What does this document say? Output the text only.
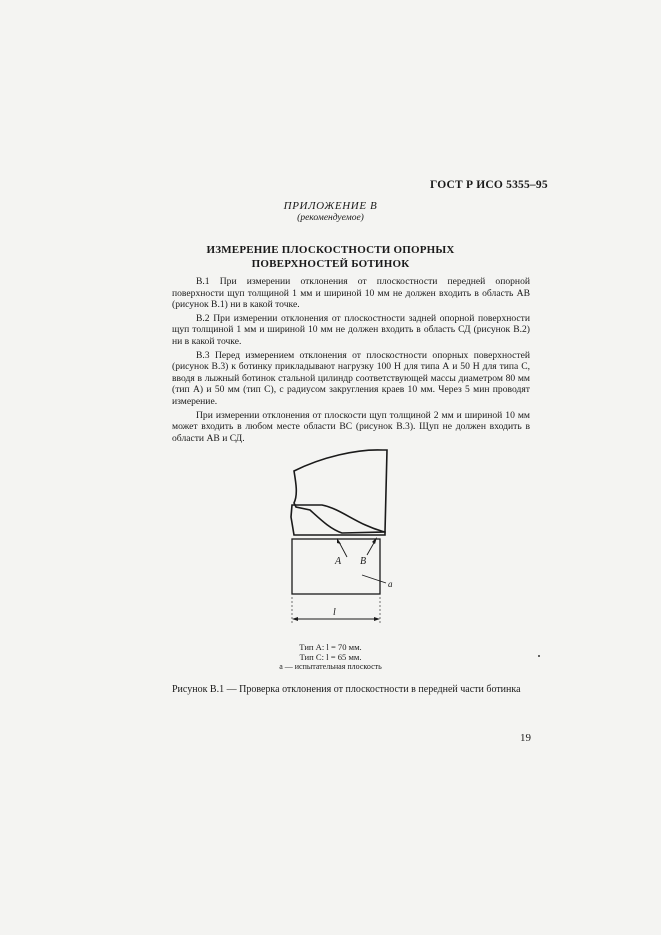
ГОСТ Р ИСО 5355–95
ПРИЛОЖЕНИЕ В
(рекомендуемое)
ИЗМЕРЕНИЕ ПЛОСКОСТНОСТИ ОПОРНЫХ
ПОВЕРХНОСТЕЙ БОТИНОК

В.1 При измерении отклонения от плоскостности передней опорной поверхности щуп толщиной 1 мм и шириной 10 мм не должен входить в область AB (рисунок В.1) ни в какой точке.

В.2 При измерении отклонения от плоскостности задней опорной поверхности щуп толщиной 1 мм и шириной 10 мм не должен входить в область СД (рисунок В.2) ни в какой точке.

В.3 Перед измерением отклонения от плоскостности опорных поверхностей (рисунок В.3) к ботинку прикладывают нагрузку 100 Н для типа А и 50 Н для типа С, вводя в лыжный ботинок стальной цилиндр соответствующей массы диаметром 80 мм (тип А) и 50 мм (тип С), с радиусом закругления краев 10 мм. Через 5 мин проводят измерение.

При измерении отклонения от плоскости щуп толщиной 2 мм и шириной 10 мм может входить в любом месте области ВС (рисунок В.3). Щуп не должен входить в области АВ и СД.

A B
a
l
Тип А: l = 70 мм.
Тип С: l = 65 мм.
a — испытательная плоскость
Рисунок В.1 — Проверка отклонения от плоскостности в передней части ботинка
19
